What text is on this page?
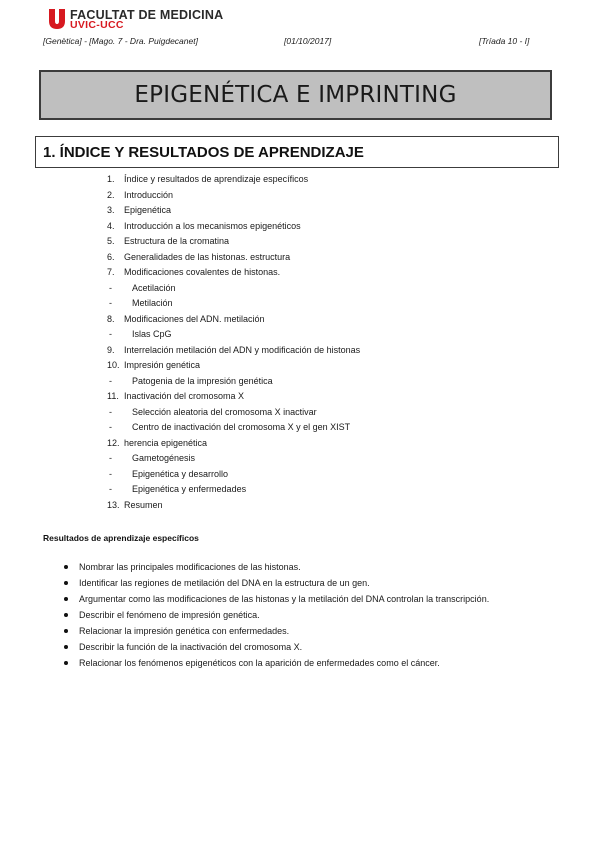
FACULTAT DE MEDICINA
UVIC-UCC
[Genètica] - [Mago. 7 - Dra. Puigdecanet]	[01/10/2017]	[Tríada 10 - I]
EPIGENÉTICA E IMPRINTING
1. ÍNDICE Y RESULTADOS DE APRENDIZAJE
1.	Índice y resultados de aprendizaje específicos
2.	Introducción
3.	Epigenética
4.	Introducción a los mecanismos epigenéticos
5.	Estructura de la cromatina
6.	Generalidades de las histonas. estructura
7.	Modificaciones covalentes de histonas.
-	Acetilación
-	Metilación
8.	Modificaciones del ADN. metilación
-	Islas CpG
9.	Interrelación metilación del ADN y modificación de histonas
10. Impresión genética
-	Patogenia de la impresión genética
11. Inactivación del cromosoma X
-	Selección aleatoria del cromosoma X inactivar
-	Centro de inactivación del cromosoma X y el gen XIST
12. herencia epigenética
-	Gametogénesis
-	Epigenética y desarrollo
-	Epigenética y enfermedades
13. Resumen
Resultados de aprendizaje específicos
Nombrar las principales modificaciones de las histonas.
Identificar las regiones de metilación del DNA en la estructura de un gen.
Argumentar como las modificaciones de las histonas y la metilación del DNA controlan la transcripción.
Describir el fenómeno de impresión genética.
Relacionar la impresión genética con enfermedades.
Describir la función de la inactivación del cromosoma X.
Relacionar los fenómenos epigenéticos con la aparición de enfermedades como el cáncer.
